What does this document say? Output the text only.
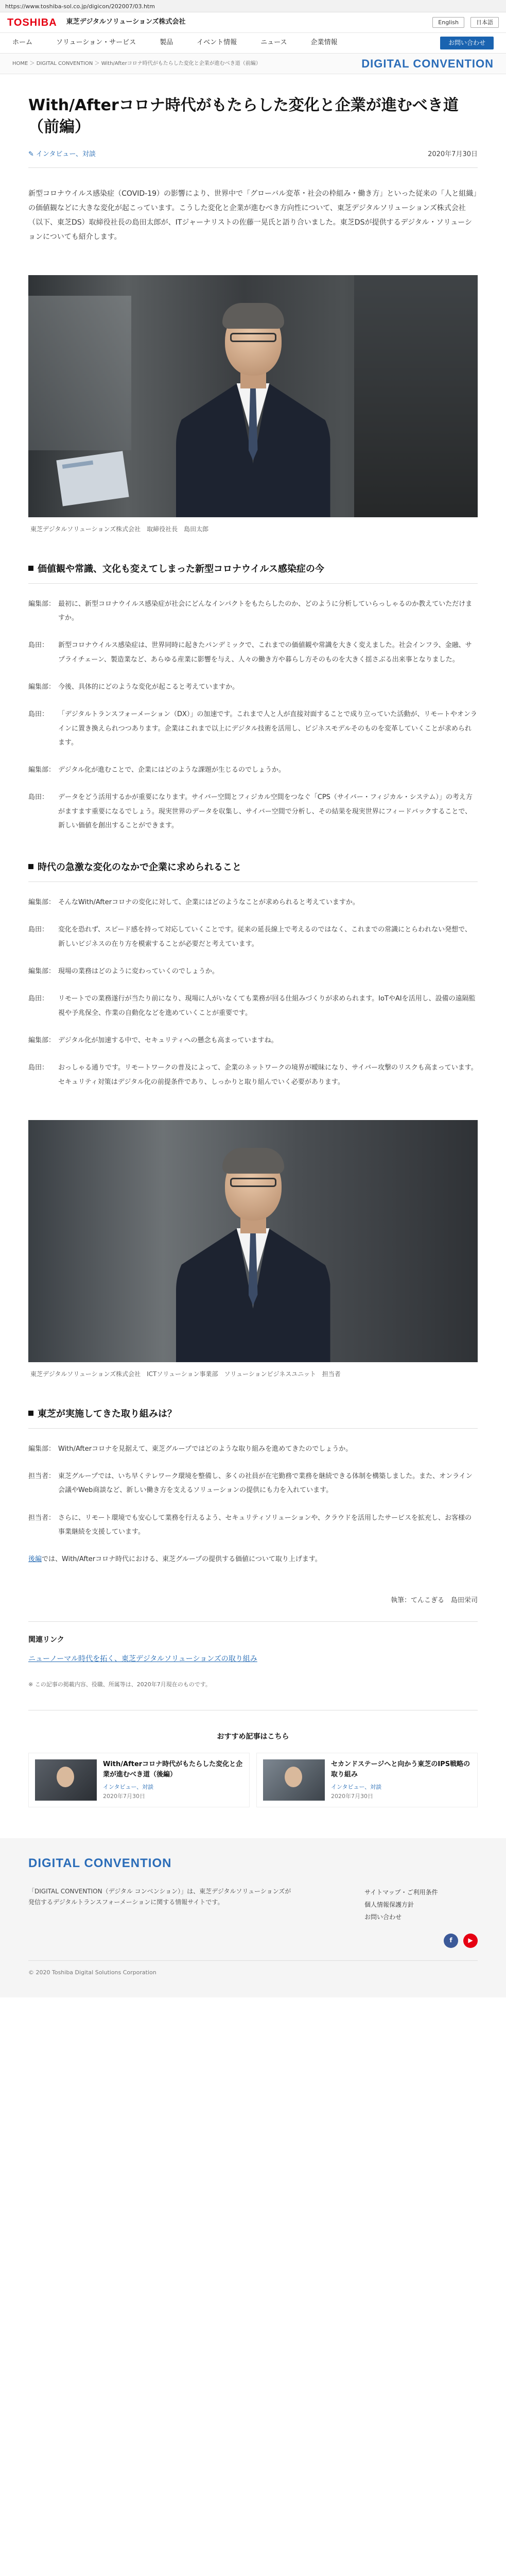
https://www.toshiba-sol.co.jp/digicon/202007/03.htm
TOSHIBA 東芝デジタルソリューションズ株式会社	English	日本語
ホーム	ソリューション・サービス	製品	イベント情報	ニュース	企業情報	お問い合わせ
HOME ＞ DIGITAL CONVENTION ＞ With/Afterコロナ時代がもたらした変化と企業が進むべき道（前編）	DIGITAL CONVENTION
With/Afterコロナ時代がもたらした変化と企業が進むべき道（前編）
✎ インタビュー、対談	2020年7月30日

新型コロナウイルス感染症（COVID-19）の影響により、世界中で「グローバル変革・社会の枠組み・働き方」といった従来の「人と組織」の価値観などに大きな変化が起こっています。こうした変化と企業が進むべき方向性について、東芝デジタルソリューションズ株式会社（以下、東芝DS）取締役社長の島田太郎が、ITジャーナリストの佐藤一晃氏と語り合いました。東芝DSが提供するデジタル・ソリューションについても紹介します。

東芝デジタルソリューションズ株式会社　取締役社長　島田太郎

価値観や常識、文化も変えてしまった新型コロナウイルス感染症の今
編集部： 最初に、新型コロナウイルス感染症が社会にどんなインパクトをもたらしたのか、どのように分析していらっしゃるのか教えていただけますか。
島田：	新型コロナウイルス感染症は、世界同時に起きたパンデミックで、これまでの価値観や常識を大きく変えました。社会インフラ、金融、サプライチェーン、製造業など、あらゆる産業に影響を与え、人々の働き方や暮らし方そのものを大きく揺さぶる出来事となりました。
編集部： 今後、具体的にどのような変化が起こると考えていますか。
島田：	「デジタルトランスフォーメーション（DX）」の加速です。これまで人と人が直接対面することで成り立っていた活動が、リモートやオンラインに置き換えられつつあります。企業はこれまで以上にデジタル技術を活用し、ビジネスモデルそのものを変革していくことが求められます。
編集部： デジタル化が進むことで、企業にはどのような課題が生じるのでしょうか。
島田：	データをどう活用するかが重要になります。サイバー空間とフィジカル空間をつなぐ「CPS（サイバー・フィジカル・システム）」の考え方がますます重要になるでしょう。現実世界のデータを収集し、サイバー空間で分析し、その結果を現実世界にフィードバックすることで、新しい価値を創出することができます。
時代の急激な変化のなかで企業に求められること
編集部： そんなWith/Afterコロナの変化に対して、企業にはどのようなことが求められると考えていますか。
島田：	変化を恐れず、スピード感を持って対応していくことです。従来の延長線上で考えるのではなく、これまでの常識にとらわれない発想で、新しいビジネスの在り方を模索することが必要だと考えています。
編集部： 現場の業務はどのように変わっていくのでしょうか。
島田：	リモートでの業務遂行が当たり前になり、現場に人がいなくても業務が回る仕組みづくりが求められます。IoTやAIを活用し、設備の遠隔監視や予兆保全、作業の自動化などを進めていくことが重要です。
編集部： デジタル化が加速する中で、セキュリティへの懸念も高まっていますね。
島田：	おっしゃる通りです。リモートワークの普及によって、企業のネットワークの境界が曖昧になり、サイバー攻撃のリスクも高まっています。セキュリティ対策はデジタル化の前提条件であり、しっかりと取り組んでいく必要があります。

東芝デジタルソリューションズ株式会社　ICTソリューション事業部　ソリューションビジネスユニット　担当者

東芝が実施してきた取り組みは？
編集部： With/Afterコロナを見据えて、東芝グループではどのような取り組みを進めてきたのでしょうか。
担当者： 東芝グループでは、いち早くテレワーク環境を整備し、多くの社員が在宅勤務で業務を継続できる体制を構築しました。また、オンライン会議やWeb商談など、新しい働き方を支えるソリューションの提供にも力を入れています。
担当者： さらに、リモート環境でも安心して業務を行えるよう、セキュリティソリューションや、クラウドを活用したサービスを拡充し、お客様の事業継続を支援しています。
後編では、With/Afterコロナ時代における、東芝グループの提供する価値について取り上げます。

執筆：てんこぎる　島田栄司

関連リンク

ニューノーマル時代を拓く、東芝デジタルソリューションズの取り組み

※ この記事の掲載内容、役職、所属等は、2020年7月現在のものです。

おすすめ記事はこちら

With/Afterコロナ時代がもたらした変化と企業が進むべき道（後編）

インタビュー、対談

2020年7月30日

セカンドステージへと向かう東芝のIPS戦略の取り組み

インタビュー、対談

2020年7月30日

DIGITAL CONVENTION

「DIGITAL CONVENTION（デジタル コンベンション）」は、東芝デジタルソリューションズが発信するデジタルトランスフォーメーションに関する情報サイトです。

サイトマップ・ご利用条件
個人情報保護方針
お問い合わせ
f	▶

© 2020 Toshiba Digital Solutions Corporation
